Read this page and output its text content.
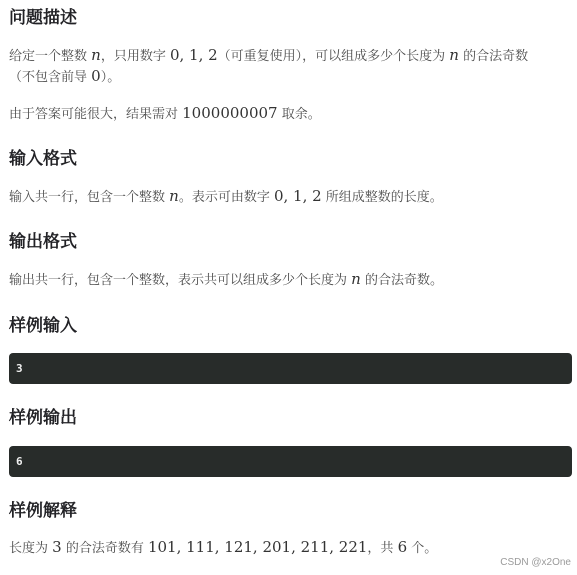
问题描述

给定一个整数 n，只用数字 0, 1, 2（可重复使用），可以组成多少个长度为 n 的合法奇数

（不包含前导 0）。

由于答案可能很大，结果需对 1000000007 取余。

输入格式

输入共一行，包含一个整数 n。表示可由数字 0, 1, 2 所组成整数的长度。

输出格式

输出共一行，包含一个整数，表示共可以组成多少个长度为 n 的合法奇数。

样例输入
3
样例输出
6
样例解释

长度为 3 的合法奇数有 101, 111, 121, 201, 211, 221，共 6 个。

CSDN @x2One
